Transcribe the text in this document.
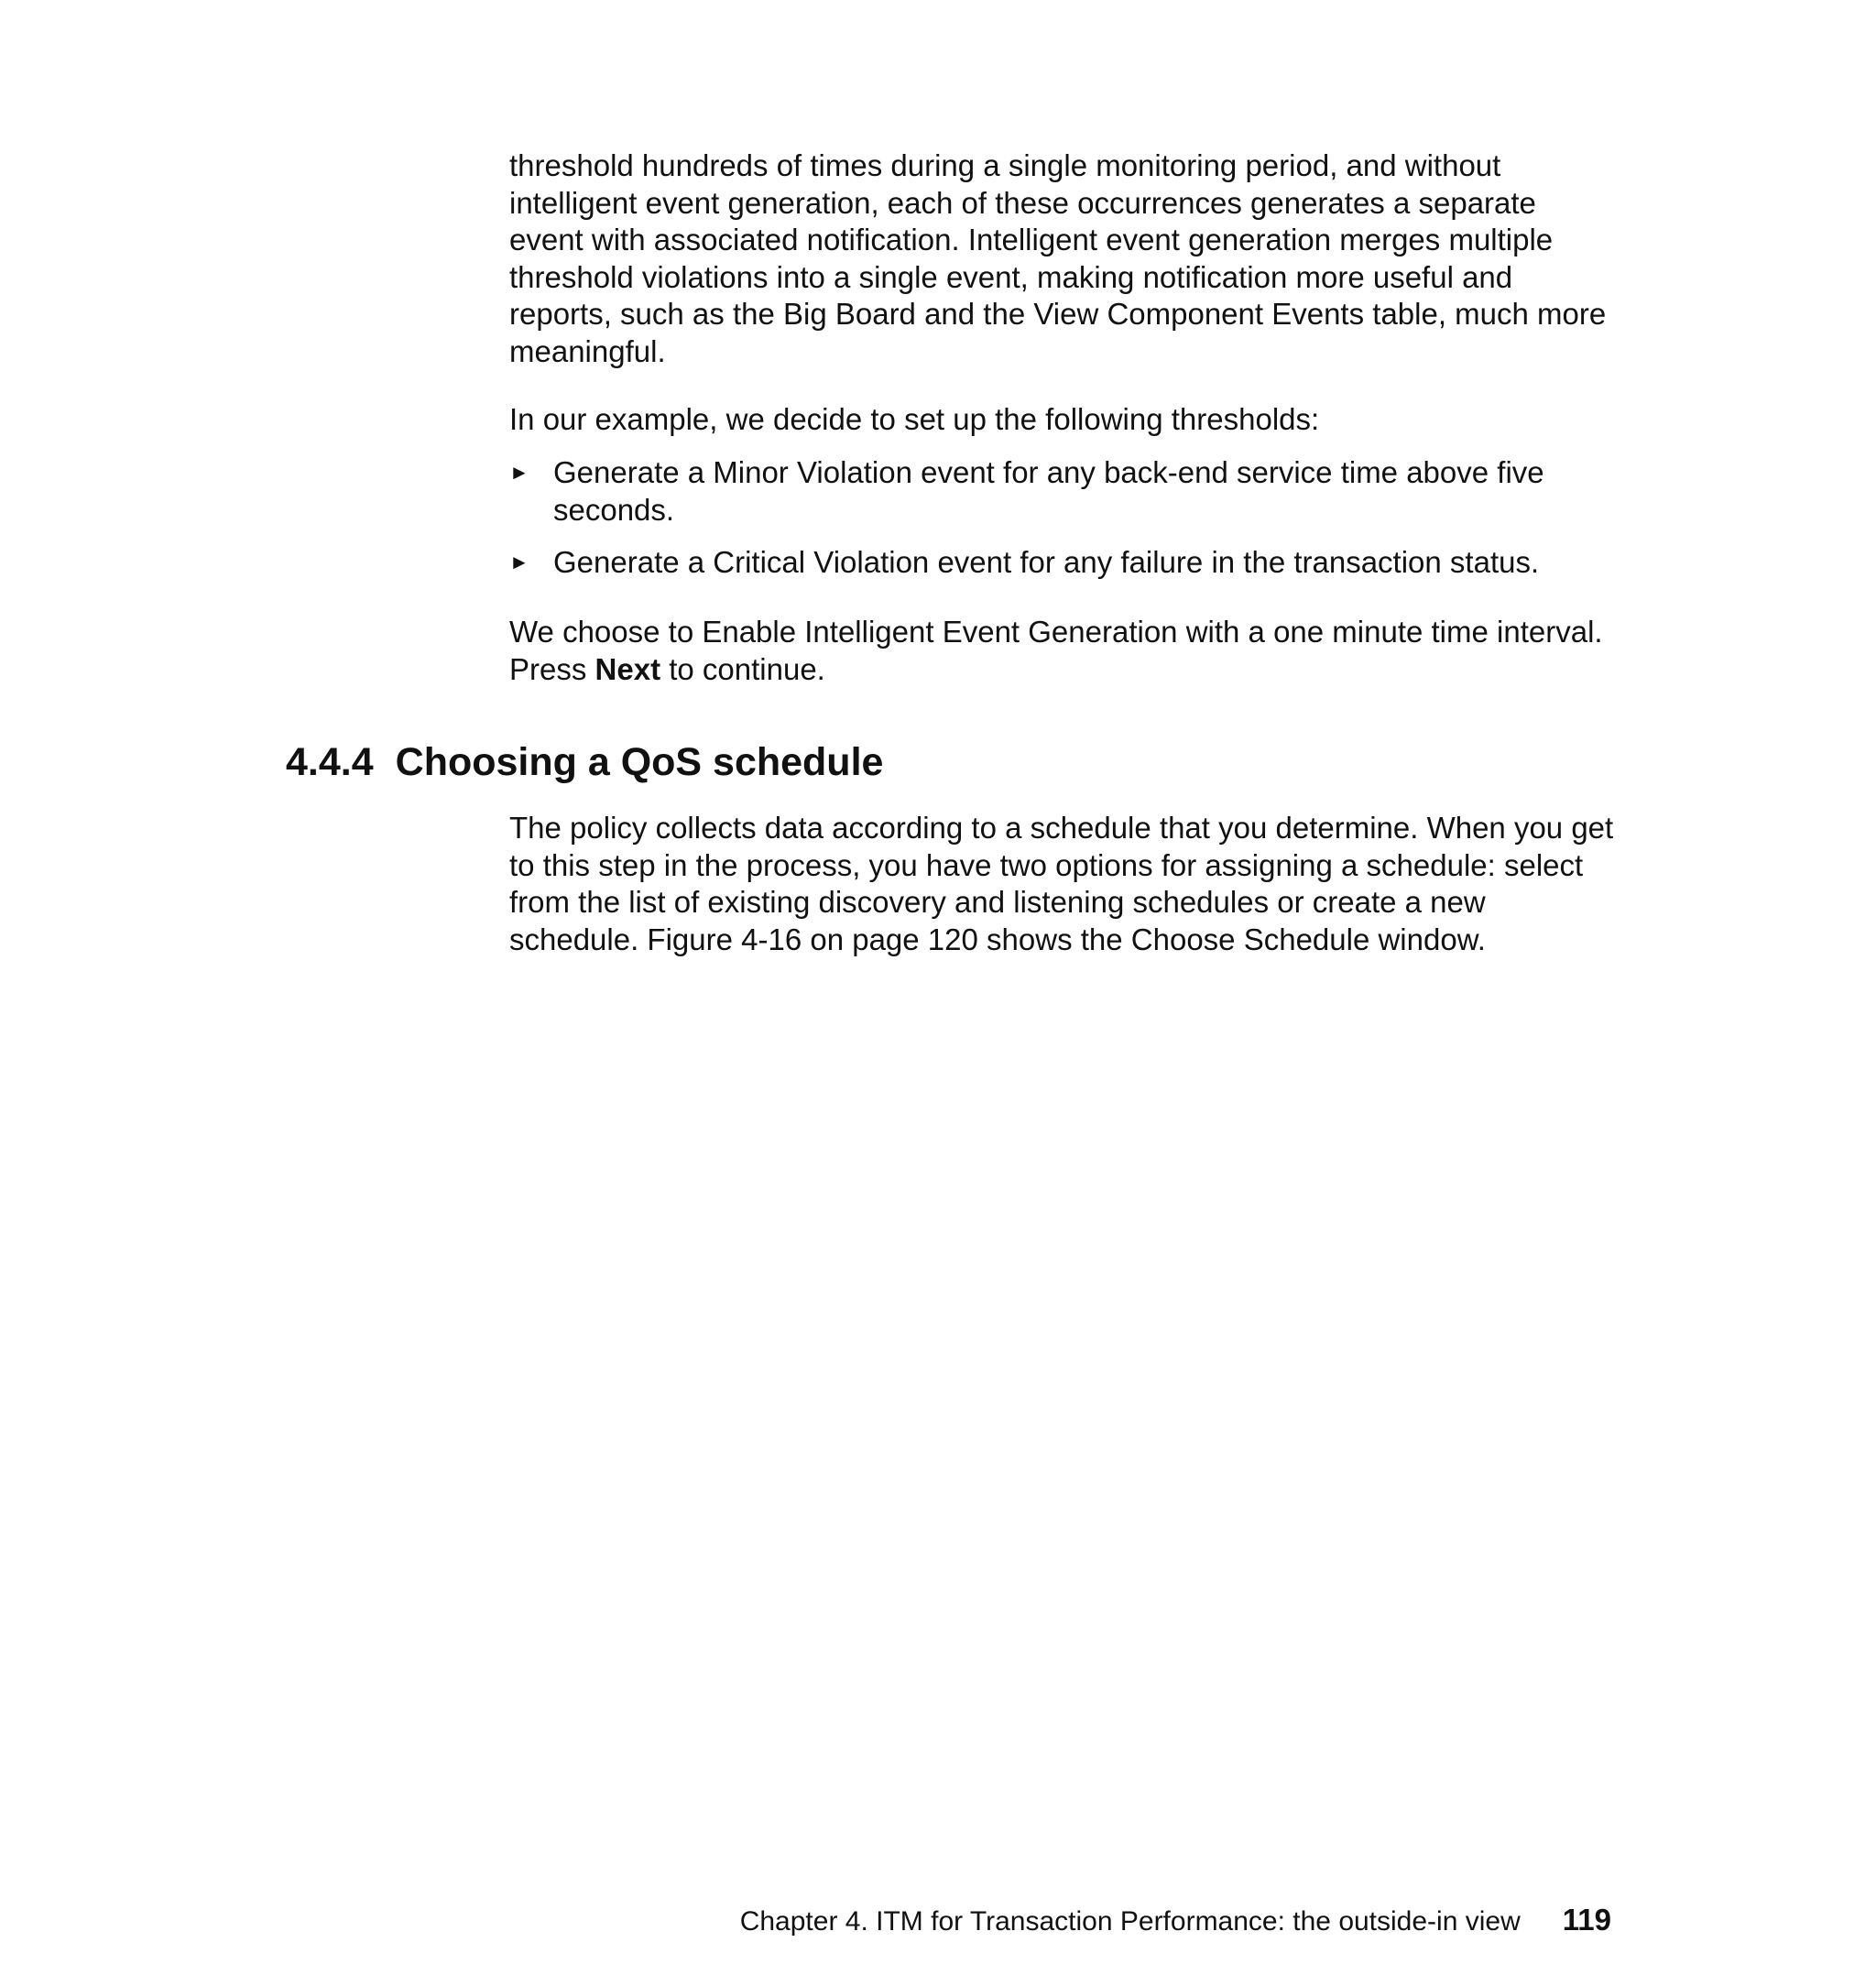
threshold hundreds of times during a single monitoring period, and without intelligent event generation, each of these occurrences generates a separate event with associated notification. Intelligent event generation merges multiple threshold violations into a single event, making notification more useful and reports, such as the Big Board and the View Component Events table, much more meaningful.

In our example, we decide to set up the following thresholds:

► Generate a Minor Violation event for any back-end service time above five seconds.
► Generate a Critical Violation event for any failure in the transaction status.

We choose to Enable Intelligent Event Generation with a one minute time interval. Press Next to continue.

4.4.4 Choosing a QoS schedule

The policy collects data according to a schedule that you determine. When you get to this step in the process, you have two options for assigning a schedule: select from the list of existing discovery and listening schedules or create a new schedule. Figure 4-16 on page 120 shows the Choose Schedule window.

Chapter 4. ITM for Transaction Performance: the outside-in view 119
